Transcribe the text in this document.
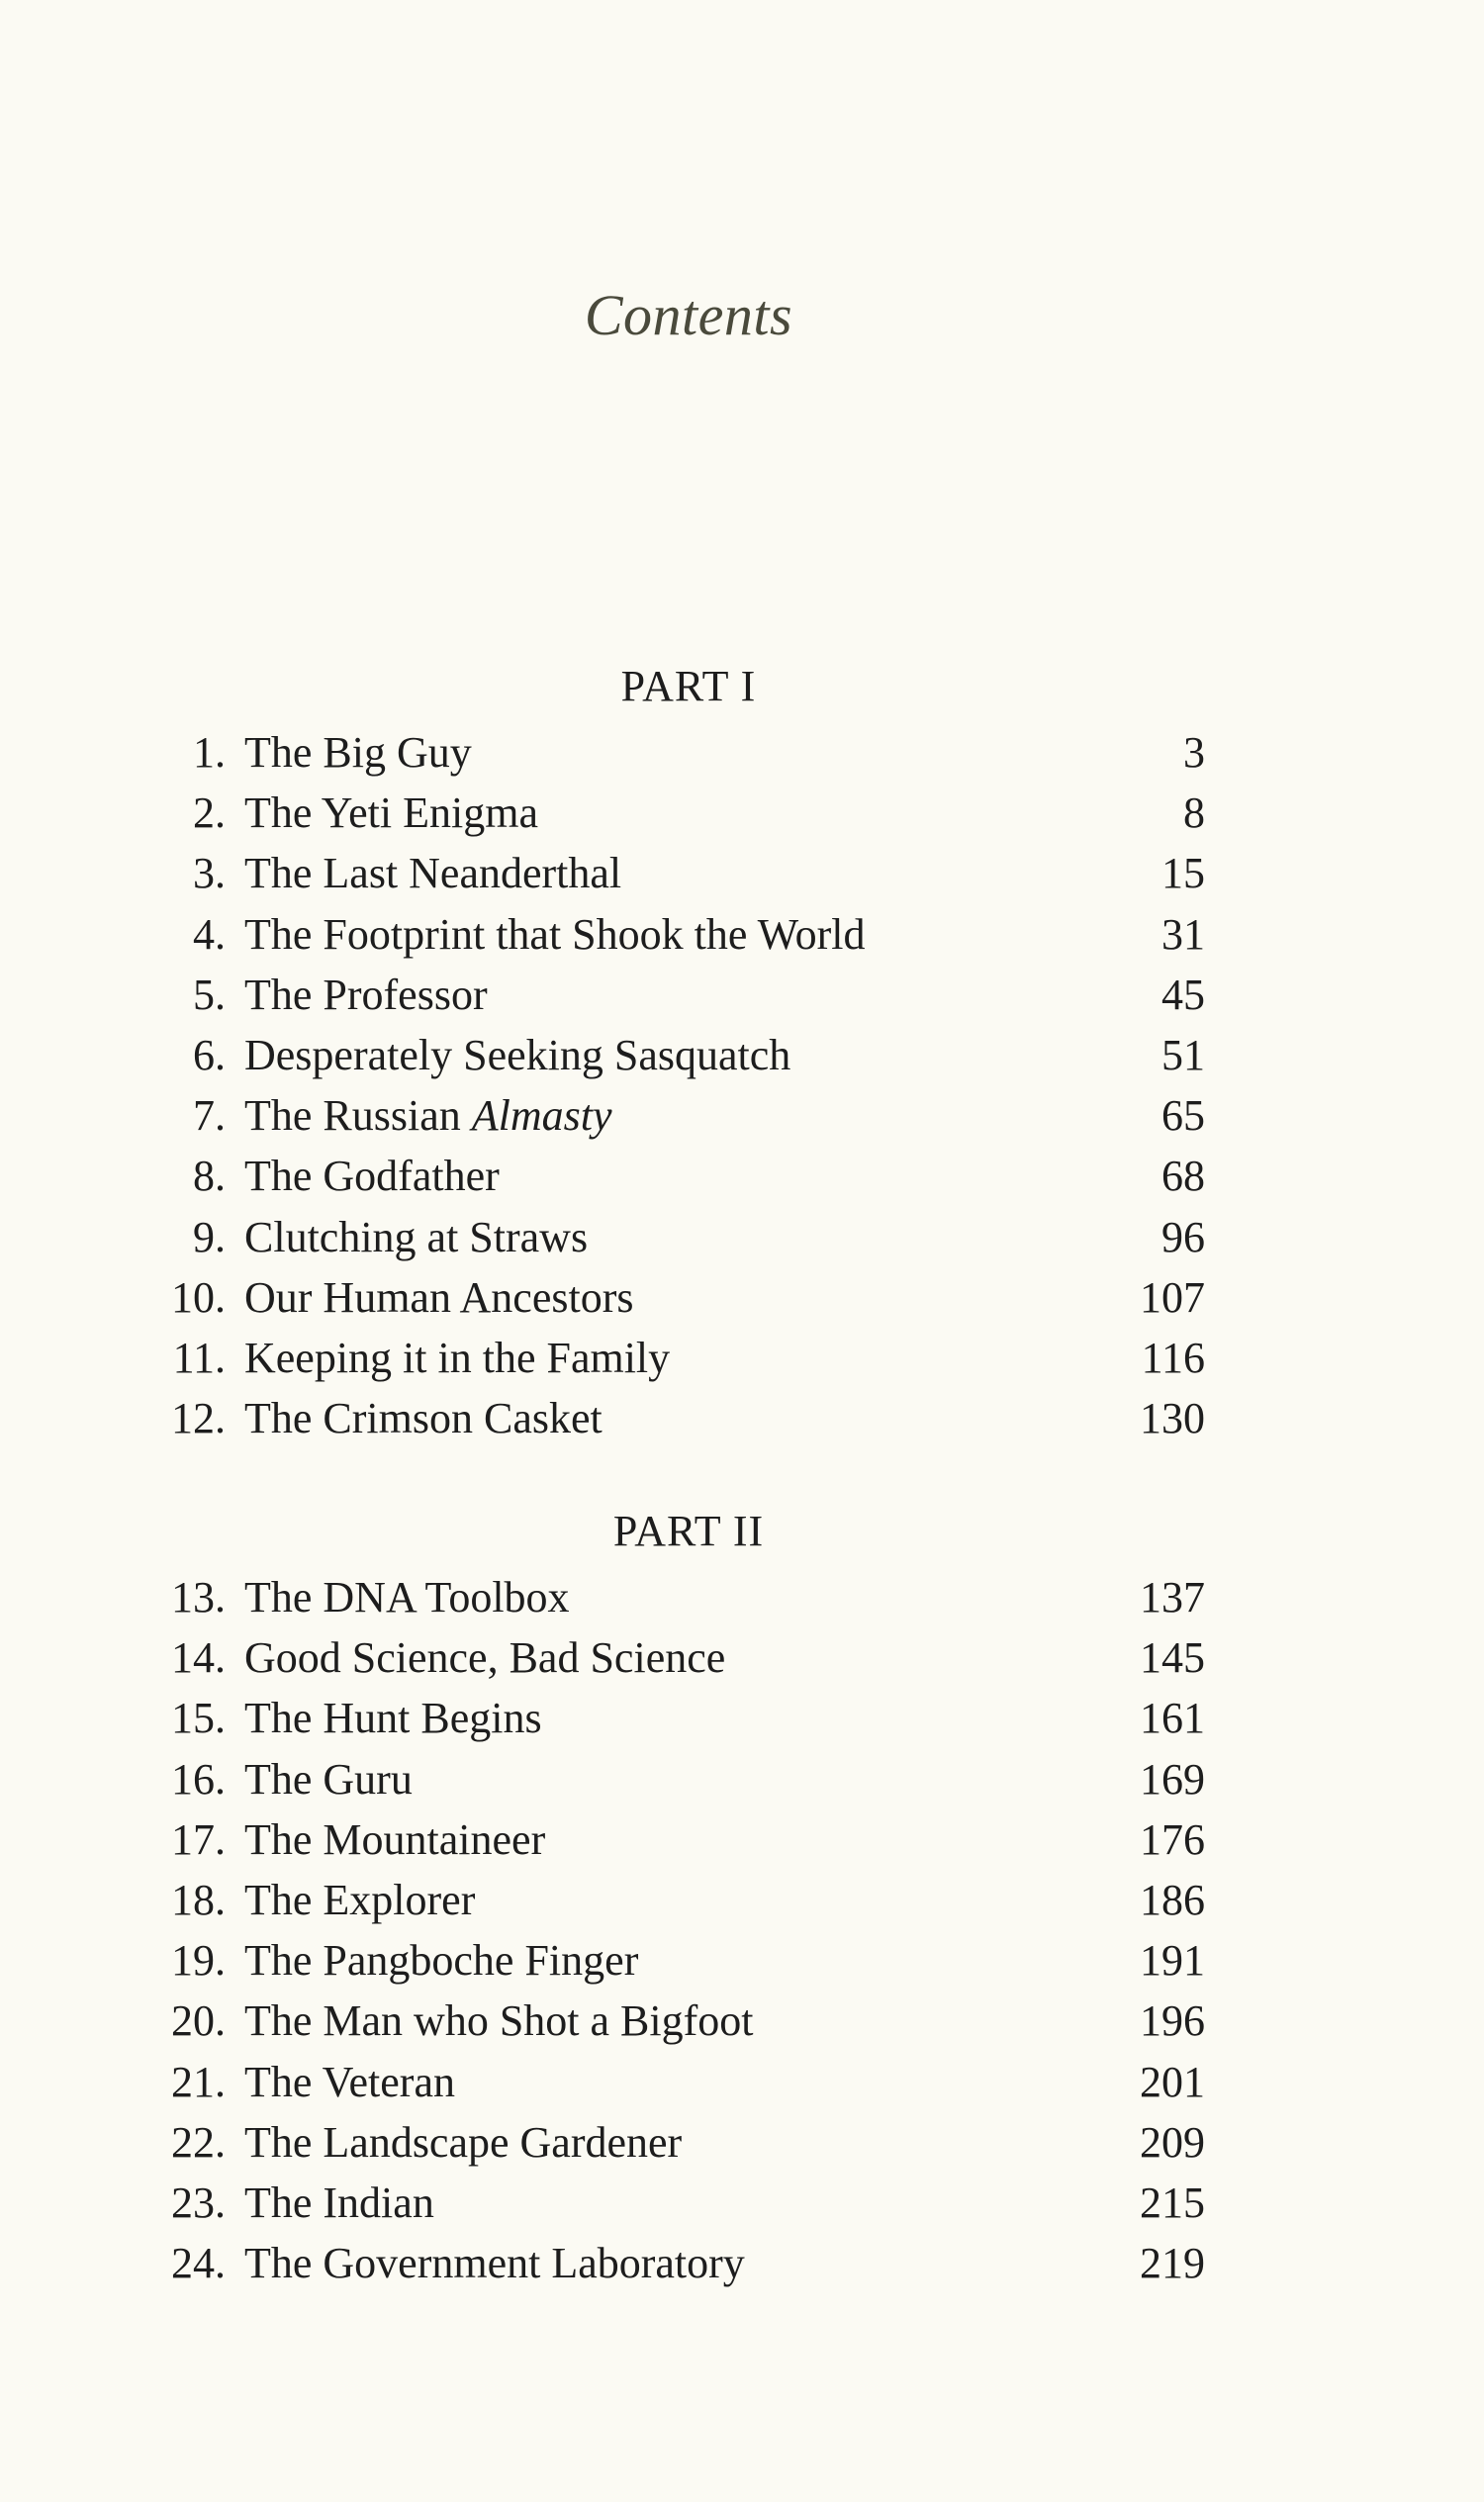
Contents
PART I
1. The Big Guy	3
2. The Yeti Enigma	8
3. The Last Neanderthal	15
4. The Footprint that Shook the World	31
5. The Professor	45
6. Desperately Seeking Sasquatch	51
7. The Russian Almasty	65
8. The Godfather	68
9. Clutching at Straws	96
10. Our Human Ancestors	107
11. Keeping it in the Family	116
12. The Crimson Casket	130
PART II
13. The DNA Toolbox	137
14. Good Science, Bad Science	145
15. The Hunt Begins	161
16. The Guru	169
17. The Mountaineer	176
18. The Explorer	186
19. The Pangboche Finger	191
20. The Man who Shot a Bigfoot	196
21. The Veteran	201
22. The Landscape Gardener	209
23. The Indian	215
24. The Government Laboratory	219
